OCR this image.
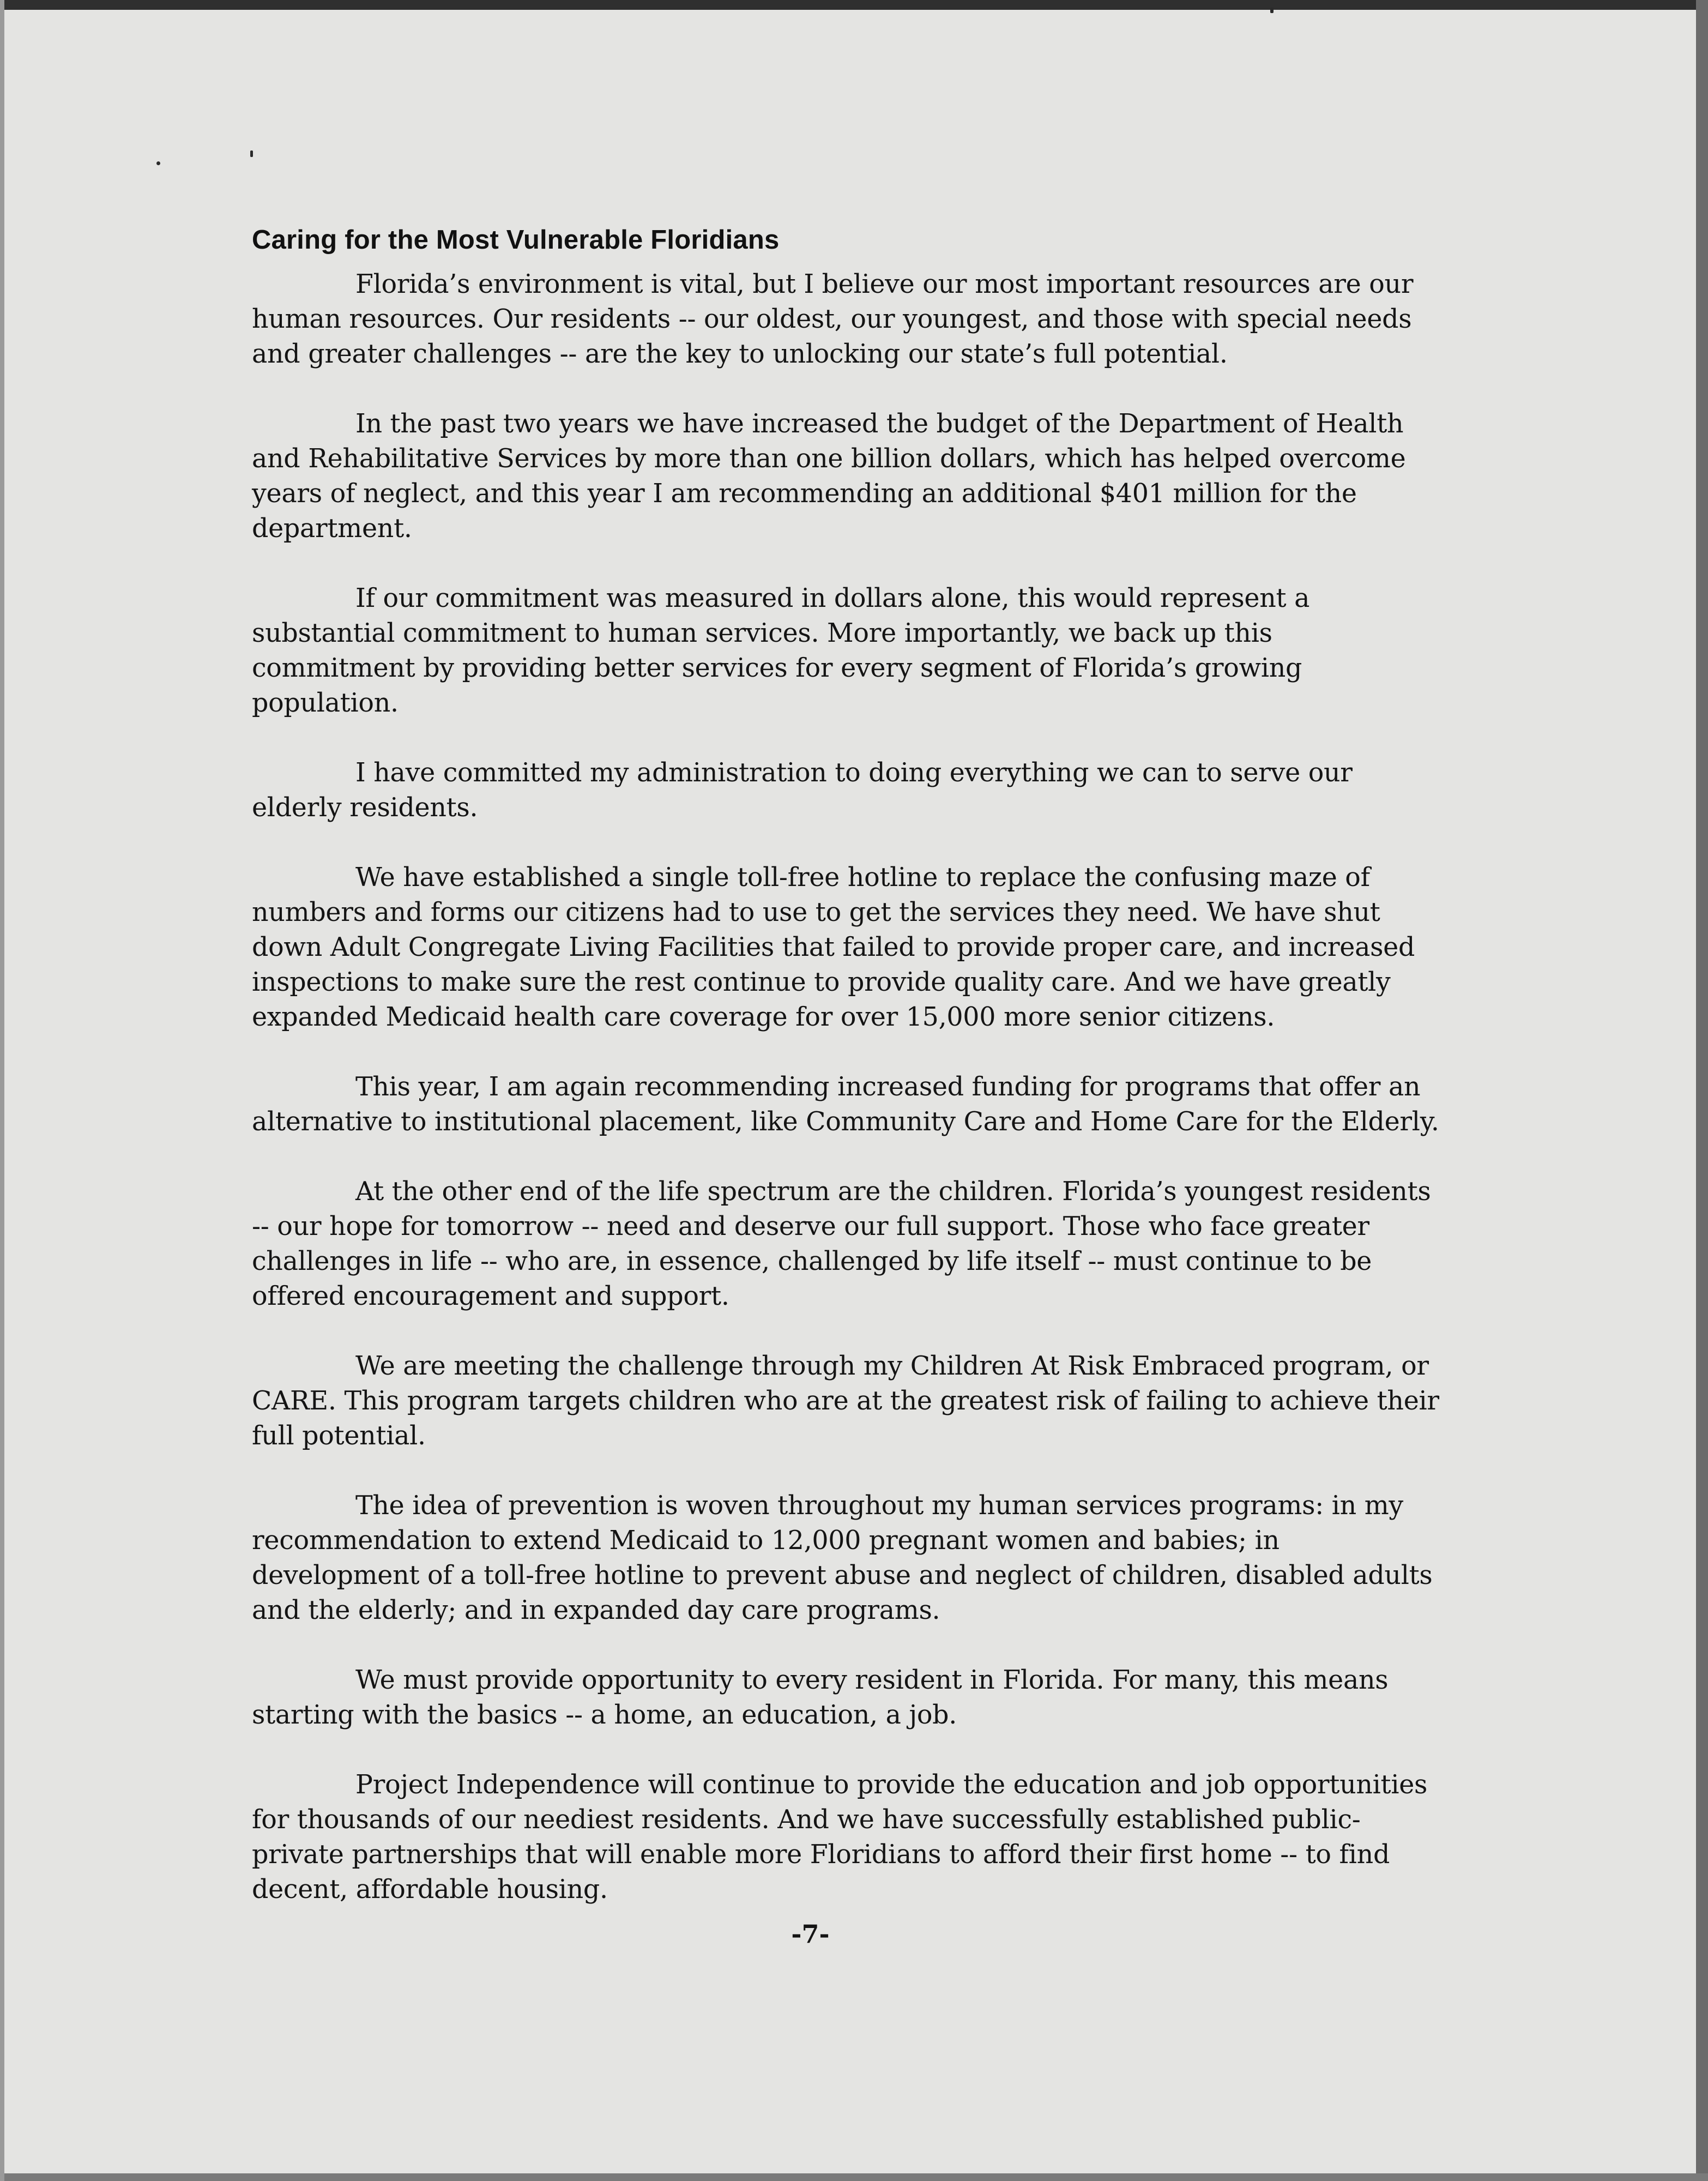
Caring for the Most Vulnerable Floridians

Florida’s environment is vital, but I believe our most important resources are our human resources. Our residents -- our oldest, our youngest, and those with special needs and greater challenges -- are the key to unlocking our state’s full potential.

In the past two years we have increased the budget of the Department of Health and Rehabilitative Services by more than one billion dollars, which has helped overcome years of neglect, and this year I am recommending an additional $401 million for the department.

If our commitment was measured in dollars alone, this would represent a substantial commitment to human services. More importantly, we back up this commitment by providing better services for every segment of Florida’s growing population.

I have committed my administration to doing everything we can to serve our elderly residents.

We have established a single toll-free hotline to replace the confusing maze of numbers and forms our citizens had to use to get the services they need. We have shut down Adult Congregate Living Facilities that failed to provide proper care, and increased inspections to make sure the rest continue to provide quality care. And we have greatly expanded Medicaid health care coverage for over 15,000 more senior citizens.

This year, I am again recommending increased funding for programs that offer an alternative to institutional placement, like Community Care and Home Care for the Elderly.

At the other end of the life spectrum are the children. Florida’s youngest residents -- our hope for tomorrow -- need and deserve our full support. Those who face greater challenges in life -- who are, in essence, challenged by life itself -- must continue to be offered encouragement and support.

We are meeting the challenge through my Children At Risk Embraced program, or CARE. This program targets children who are at the greatest risk of failing to achieve their full potential.

The idea of prevention is woven throughout my human services programs: in my recommendation to extend Medicaid to 12,000 pregnant women and babies; in development of a toll-free hotline to prevent abuse and neglect of children, disabled adults and the elderly; and in expanded day care programs.

We must provide opportunity to every resident in Florida. For many, this means starting with the basics -- a home, an education, a job.

Project Independence will continue to provide the education and job opportunities for thousands of our neediest residents. And we have successfully established public-private partnerships that will enable more Floridians to afford their first home -- to find decent, affordable housing.

-7-
